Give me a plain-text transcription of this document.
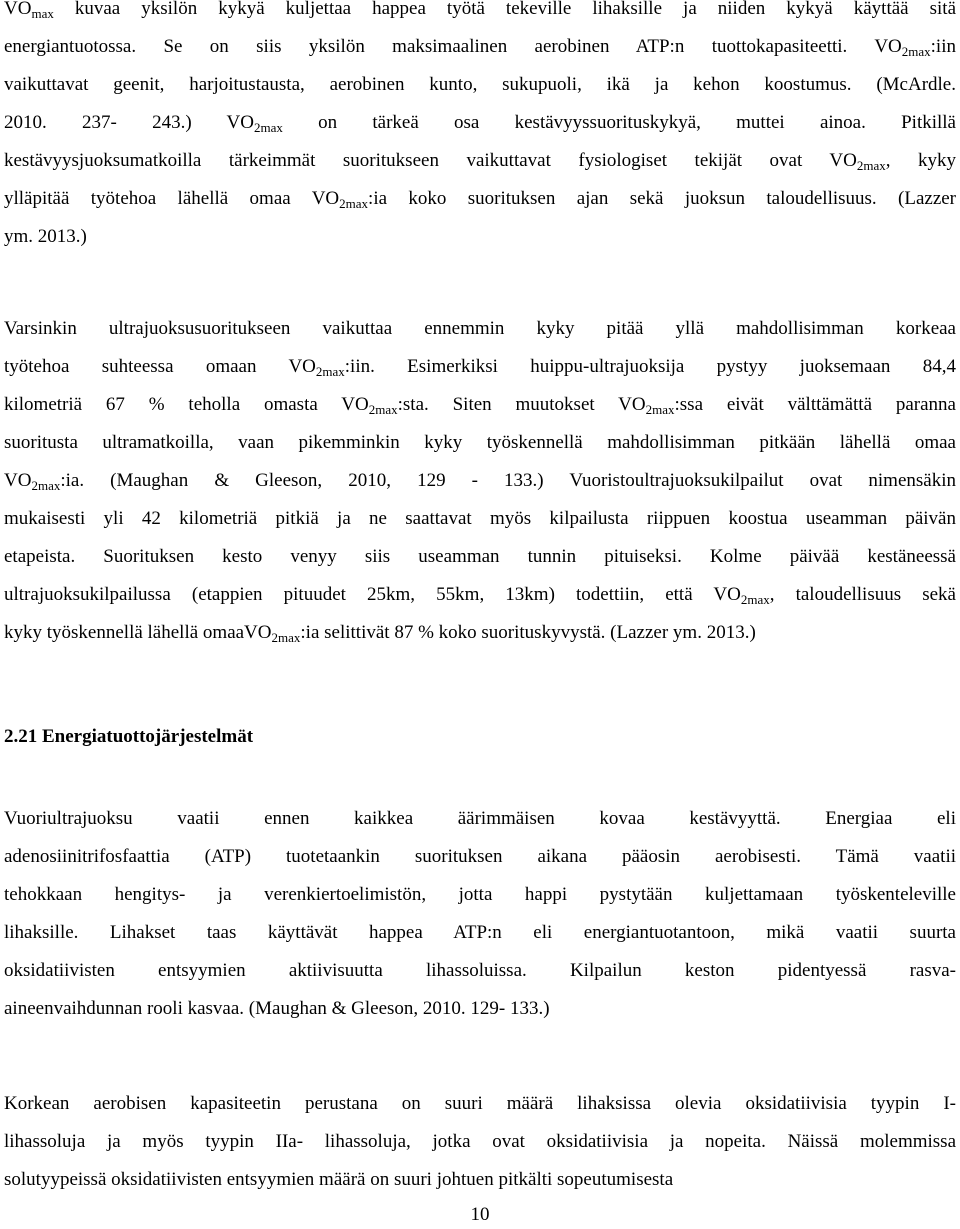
$VO_{max}$ kuvaa yksilön kykyä kuljettaa happea työtä tekeville lihaksille ja niiden kykyä käyttää sitä
energiantuotossa. Se on siis yksilön maksimaalinen aerobinen ATP:n tuottokapasiteetti. $VO_{2max}:iin$
vaikuttavat geenit, harjoitustausta, aerobinen kunto, sukupuoli, ikä ja kehon koostumus. (McArdle.
2010. 237- 243.) $VO_{2max}$ on tärkeä osa kestävyyssuorituskykyä, muttei ainoa. Pitkillä
kestävyysjuoksumatkoilla tärkeimmät suoritukseen vaikuttavat fysiologiset tekijät ovat $VO_{2max}$, kyky
ylläpitää työtehoa lähellä omaa $VO_{2max}:ia$ koko suorituksen ajan sekä juoksun taloudellisuus. (Lazzer
ym. 2013.)
Varsinkin ultrajuoksusuoritukseen vaikuttaa ennemmin kyky pitää yllä mahdollisimman korkeaa
työtehoa suhteessa omaan $VO_{2max}:iin$. Esimerkiksi huippu-ultrajuoksija pystyy juoksemaan 84,4
kilometriä 67 % teholla omasta $VO_{2max}:sta$. Siten muutokset $VO_{2max}:ssa$ eivät välttämättä paranna
suoritusta ultramatkoilla, vaan pikemminkin kyky työskennellä mahdollisimman pitkään lähellä omaa
$VO_{2max}:ia$. (Maughan & Gleeson, 2010, 129 - 133.) Vuoristoultrajuoksukilpailut ovat nimensäkin
mukaisesti yli 42 kilometriä pitkiä ja ne saattavat myös kilpailusta riippuen koostua useamman päivän
etapeista. Suorituksen kesto venyy siis useamman tunnin pituiseksi. Kolme päivää kestäneessä
ultrajuoksukilpailussa (etappien pituudet 25km, 55km, 13km) todettiin, että $VO_{2max}$, taloudellisuus sekä
kyky työskennellä lähellä omaaVO$_{2max}$:ia selittivät 87 % koko suorituskyvystä. (Lazzer ym. 2013.)
2.21 Energiatuottojärjestelmät
Vuoriultrajuoksu vaatii ennen kaikkea äärimmäisen kovaa kestävyyttä. Energiaa eli
adenosiinitrifosfaattia (ATP) tuotetaankin suorituksen aikana pääosin aerobisesti. Tämä vaatii
tehokkaan hengitys- ja verenkiertoelimistön, jotta happi pystytään kuljettamaan työskenteleville
lihaksille. Lihakset taas käyttävät happea ATP:n eli energiantuotantoon, mikä vaatii suurta
oksidatiivisten entsyymien aktiivisuutta lihassoluissa. Kilpailun keston pidentyessä rasva-
aineenvaihdunnan rooli kasvaa. (Maughan & Gleeson, 2010. 129- 133.)
Korkean aerobisen kapasiteetin perustana on suuri määrä lihaksissa olevia oksidatiivisia tyypin I-
lihassoluja ja myös tyypin IIa- lihassoluja, jotka ovat oksidatiivisia ja nopeita. Näissä molemmissa
solutyypeissä oksidatiivisten entsyymien määrä on suuri johtuen pitkälti sopeutumisesta
10
